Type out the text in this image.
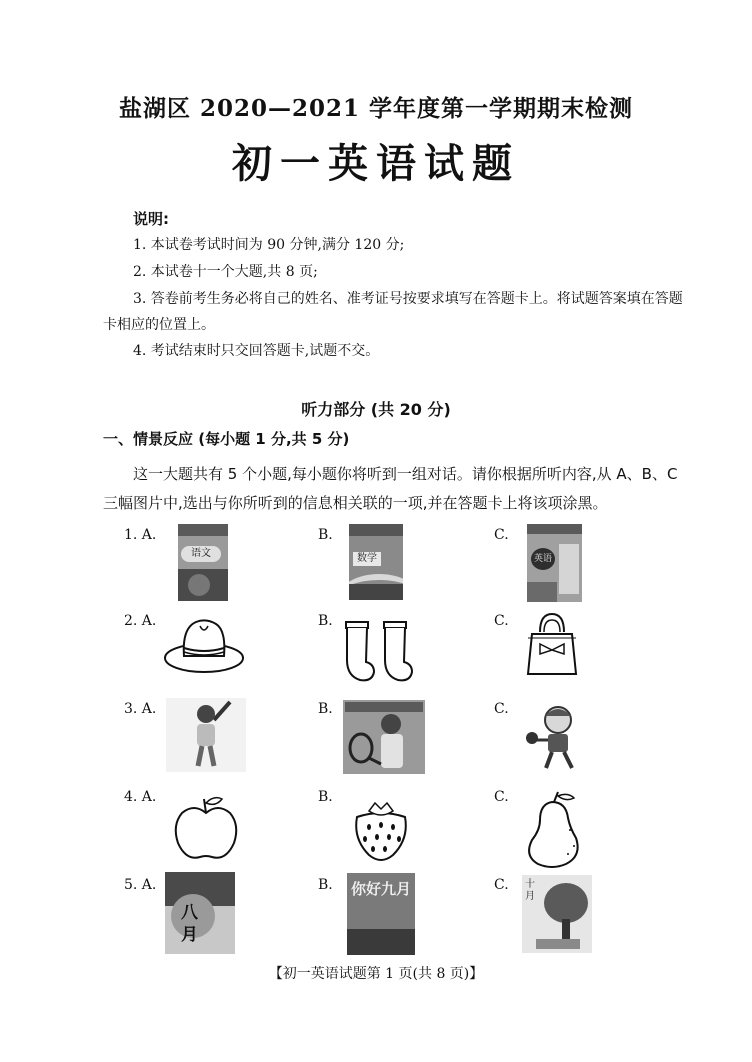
盐湖区 2020—2021 学年度第一学期期末检测
初一英语试题
说明:
1. 本试卷考试时间为 90 分钟,满分 120 分;
2. 本试卷十一个大题,共 8 页;
3. 答卷前考生务必将自己的姓名、准考证号按要求填写在答题卡上。将试题答案填在答题卡相应的位置上。
4. 考试结束时只交回答题卡,试题不交。
听力部分 (共 20 分)
一、情景反应 (每小题 1 分,共 5 分)
这一大题共有 5 个小题,每小题你将听到一组对话。请你根据所听内容,从 A、B、C 三幅图片中,选出与你所听到的信息相关联的一项,并在答题卡上将该项涂黑。
1. A.	B.	C.
语文	数学	英语
2. A.	B.	C.
3. A.	B.	C.
4. A.	B.	C.
5. A.	B.	C.
八月
你好九月	十月
【初一英语试题第 1 页(共 8 页)】
